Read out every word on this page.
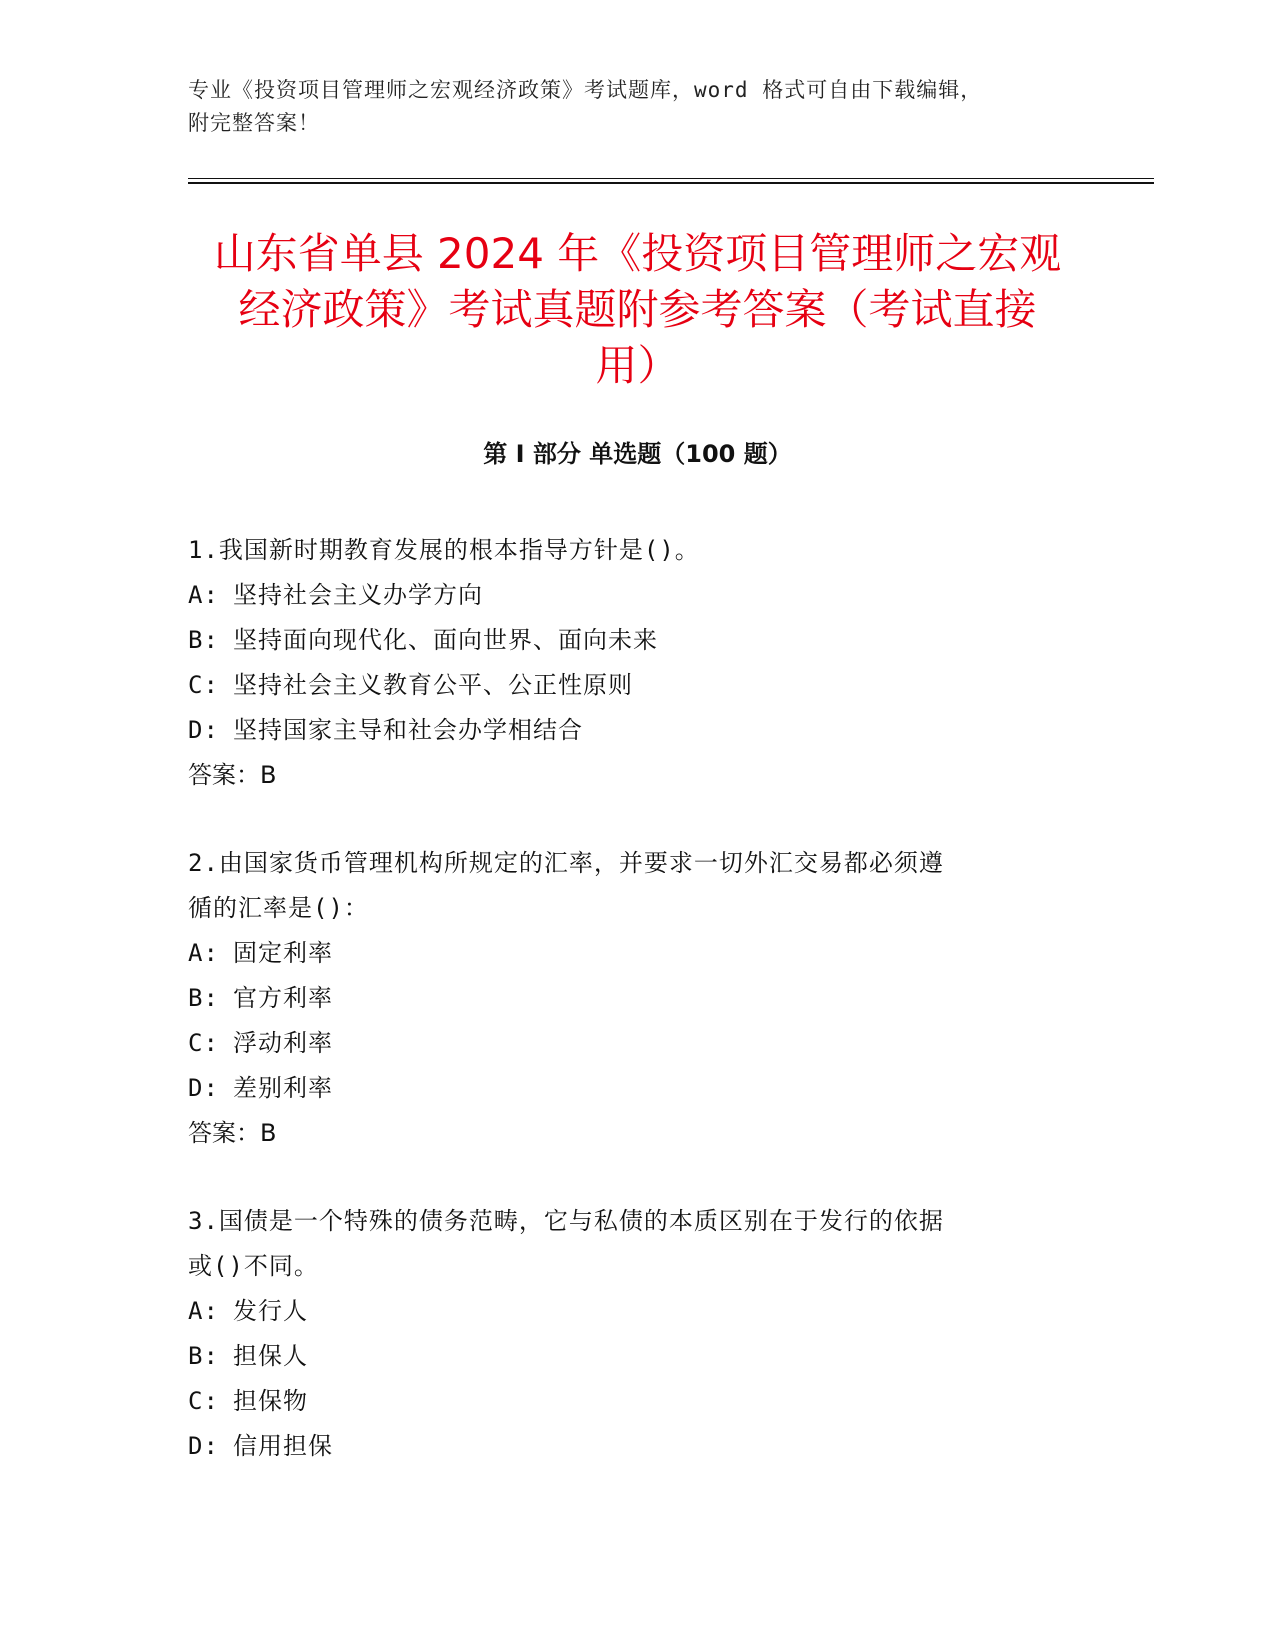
专业《投资项目管理师之宏观经济政策》考试题库，word 格式可自由下载编辑，
附完整答案！
山东省单县 2024 年《投资项目管理师之宏观
经济政策》考试真题附参考答案（考试直接
用）
第 I 部分 单选题（100 题）
1.我国新时期教育发展的根本指导方针是()。
A: 坚持社会主义办学方向
B: 坚持面向现代化、面向世界、面向未来
C: 坚持社会主义教育公平、公正性原则
D: 坚持国家主导和社会办学相结合
答案：B
2.由国家货币管理机构所规定的汇率，并要求一切外汇交易都必须遵
循的汇率是()：
A: 固定利率
B: 官方利率
C: 浮动利率
D: 差别利率
答案：B
3.国债是一个特殊的债务范畴，它与私债的本质区别在于发行的依据
或()不同。
A: 发行人
B: 担保人
C: 担保物
D: 信用担保
